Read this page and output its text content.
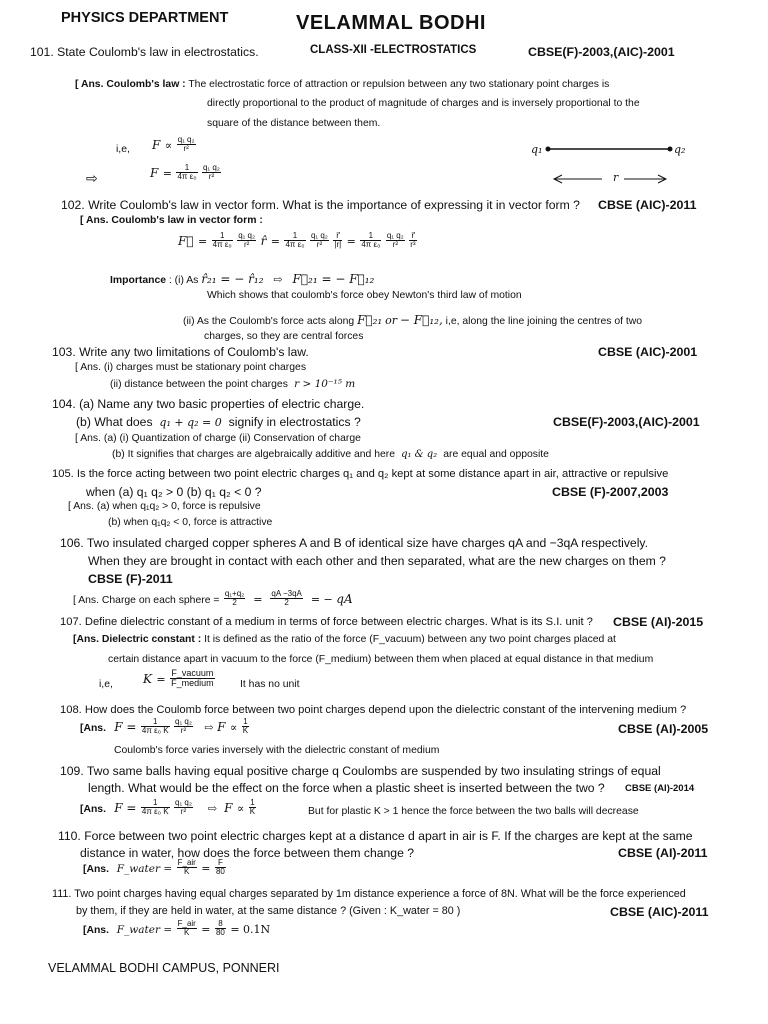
PHYSICS DEPARTMENT	VELAMMAL BODHI
CLASS-XII -ELECTROSTATICS
101. State Coulomb's law in electrostatics.	CBSE(F)-2003,(AIC)-2001
[ Ans. Coulomb's law : The electrostatic force of attraction or repulsion between any two stationary point charges is
directly proportional to the product of magnitude of charges and is inversely proportional to the
square of the distance between them.
i,e, $F \propto \frac{\text{q₁ q₂}}{\text{r²}}$
⇨	$F = \frac{1}{\text{4π ε₀}}$
$\frac{\text{q₁ q₂}}{\text{r²}}$
q₁	q₂
r
102. Write Coulomb's law in vector form. What is the importance of expressing it in vector form ? CBSE (AIC)-2011
[ Ans. Coulomb's law in vector form :
F⃗ = $\frac{1}{\text{4π ε₀}}$
$\frac{\text{q₁ q₂}}{\text{r²}}$ r̂ = $\frac{1}{\text{4π ε₀}}$
$\frac{\text{q₁ q₂}}{\text{r²}}$
$\frac{r⃗}{|r|} = \frac{1}{\text{4π ε₀}}$
$\frac{\text{q₁ q₂}}{\text{r²}}$
$\frac{r⃗}{\text{r³}}$
Importance : (i) As r̂₂₁ = − r̂₁₂   ⇨   F⃗₂₁ = − F⃗₁₂
Which shows that coulomb's force obey Newton's third law of motion
(ii) As the Coulomb's force acts along F⃗₂₁ or − F⃗₁₂, i,e, along the line joining the centres of two
charges, so they are central forces
103. Write any two limitations of Coulomb's law.	CBSE (AIC)-2001
[ Ans. (i) charges must be stationary point charges
(ii) distance between the point charges  r > 10⁻¹⁵ m
104. (a) Name any two basic properties of electric charge.
(b) What does  q₁ + q₂ = 0  signify in electrostatics ?	CBSE(F)-2003,(AIC)-2001
[ Ans. (a) (i) Quantization of charge (ii) Conservation of charge
(b) It signifies that charges are algebraically additive and here  q₁ & q₂  are equal and opposite
105. Is the force acting between two point electric charges q₁ and q₂ kept at some distance apart in air, attractive or repulsive
when (a) q₁ q₂ > 0 (b) q₁ q₂ < 0 ?	CBSE (F)-2007,2003
[ Ans. (a) when q₁q₂ > 0, force is repulsive
(b) when q₁q₂ < 0, force is attractive
106. Two insulated charged copper spheres A and B of identical size have charges qA and −3qA respectively.
When they are brought in contact with each other and then separated, what are the new charges on them ?
CBSE (F)-2011
[ Ans. Charge on each sphere = $\frac{\text{q₁+q₂}}{2} = \frac{qA -3qA}{2}$ = − qA
107. Define dielectric constant of a medium in terms of force between electric charges. What is its S.I. unit ? CBSE (AI)-2015
[Ans. Dielectric constant : It is defined as the ratio of the force (F_vacuum) between any two point charges placed at
certain distance apart in vacuum to the force (F_medium) between them when placed at equal distance in that medium
i,e,	$K = \frac{\text{F\_vacuum}}{\text{F\_medium}}$ It has no unit
108. How does the Coulomb force between two point charges depend upon the dielectric constant of the intervening medium ?
[Ans.  $F = \frac{1}{\text{4π ε₀ K}}$
$\frac{\text{q₁ q₂}}{\text{r²}}$ ⇨ $F \propto \frac{1}{K}$	CBSE (AI)-2005
Coulomb's force varies inversely with the dielectric constant of medium
109. Two same balls having equal positive charge q Coulombs are suspended by two insulating strings of equal
length. What would be the effect on the force when a plastic sheet is inserted between the two ? CBSE (AI)-2014
[Ans.  $F = \frac{1}{\text{4π ε₀ K}}$
$\frac{\text{q₁ q₂}}{\text{r²}}$ ⇨  $F \propto \frac{1}{K}$	But for plastic K > 1 hence the force between the two balls will decrease
110. Force between two point electric charges kept at a distance d apart in air is F. If the charges are kept at the same
distance in water, how does the force between them change ?	CBSE (AI)-2011
[Ans.  F_water = $\frac{\text{F\_air}}{K} = \frac{F}{80}$
111. Two point charges having equal charges separated by 1m distance experience a force of 8N. What will be the force experienced
by them, if they are held in water, at the same distance ? (Given : K_water = 80 )	CBSE (AIC)-2011
[Ans.  F_water = $\frac{\text{F\_air}}{K} = \frac{8}{80} = 0.1N$
VELAMMAL BODHI CAMPUS, PONNERI
